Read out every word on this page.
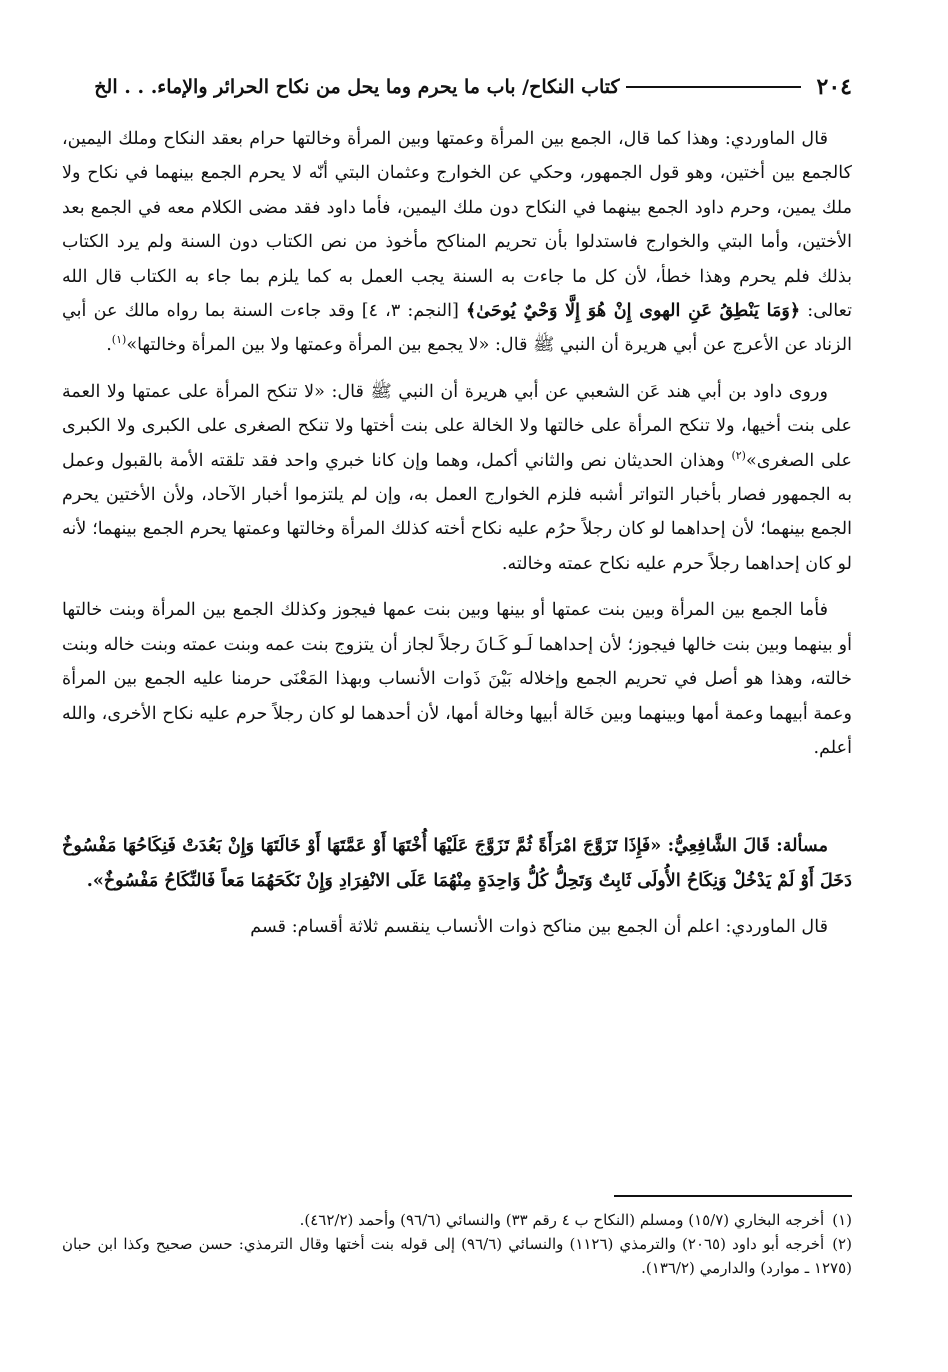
٢٠٤
كتاب النكاح/ باب ما يحرم وما يحل من نكاح الحرائر والإماء. . . الخ

قال الماوردي: وهذا كما قال، الجمع بين المرأة وعمتها وبين المرأة وخالتها حرام بعقد النكاح وملك اليمين، كالجمع بين أختين، وهو قول الجمهور، وحكي عن الخوارج وعثمان البتي أنّه لا يحرم الجمع بينهما في نكاح ولا ملك يمين، وحرم داود الجمع بينهما في النكاح دون ملك اليمين، فأما داود فقد مضى الكلام معه في الجمع بعد الأختين، وأما البتي والخوارج فاستدلوا بأن تحريم المناكح مأخوذ من نص الكتاب دون السنة ولم يرد الكتاب بذلك فلم يحرم وهذا خطأ، لأن كل ما جاءت به السنة يجب العمل به كما يلزم بما جاء به الكتاب قال الله تعالى: ﴿وَمَا يَنْطِقُ عَنِ الهوى إِنْ هُوَ إِلَّا وَحْيٌ يُوحَىٰ﴾ [النجم: ٣، ٤] وقد جاءت السنة بما رواه مالك عن أبي الزناد عن الأعرج عن أبي هريرة أن النبي ﷺ قال: «لا يجمع بين المرأة وعمتها ولا بين المرأة وخالتها»$^{(١)}$.

وروى داود بن أبي هند عَن الشعبي عن أبي هريرة أن النبي ﷺ قال: «لا تنكح المرأة على عمتها ولا العمة على بنت أخيها، ولا تنكح المرأة على خالتها ولا الخالة على بنت أختها ولا تنكح الصغرى على الكبرى ولا الكبرى على الصغرى»$^{(٢)}$ وهذان الحديثان نص والثاني أكمل، وهما وإن كانا خبري واحد فقد تلقته الأمة بالقبول وعمل به الجمهور فصار بأخبار التواتر أشبه فلزم الخوارج العمل به، وإن لم يلتزموا أخبار الآحاد، ولأن الأختين يحرم الجمع بينهما؛ لأن إحداهما لو كان رجلاً حرُم عليه نكاح أخته كذلك المرأة وخالتها وعمتها يحرم الجمع بينهما؛ لأنه لو كان إحداهما رجلاً حرم عليه نكاح عمته وخالته.

فأما الجمع بين المرأة وبين بنت عمتها أو بينها وبين بنت عمها فيجوز وكذلك الجمع بين المرأة وبنت خالتها أو بينهما وبين بنت خالها فيجوز؛ لأن إحداهما لَـو كَـانَ رجلاً لجاز أن يتزوج بنت عمه وبنت عمته وبنت خاله وبنت خالته، وهذا هو أصل في تحريم الجمع وإخلاله بَيْنَ ذَوات الأنساب وبهذا المَعْنَى حرمنا عليه الجمع بين المرأة وعمة أبيهما وعمة أمها وبينهما وبين خَالة أبيها وخالة أمها، لأن أحدهما لو كان رجلاً حرم عليه نكاح الأخرى، والله أعلم.

مسألة: قَالَ الشَّافِعِيُّ: «فَإِذَا تَزَوَّجَ امْرَأَةً ثُمَّ تَزَوَّجَ عَلَيْهَا أُخْتَهَا أَوْ عَمَّتَهَا أَوْ خَالَتَهَا وَإِنْ بَعُدَتْ فَنِكَاحُهَا مَفْسُوخٌ دَخَلَ أَوْ لَمْ يَدْخُلْ وَنِكَاحُ الأُولَى ثَابِتٌ وَتَحِلُّ كُلُّ وَاحِدَةٍ مِنْهُمَا عَلَى الانْفِرَادِ وَإِنْ نَكَحَهُمَا مَعاً فَالنِّكَاحُ مَفْسُوخٌ».

قال الماوردي: اعلم أن الجمع بين مناكح ذوات الأنساب ينقسم ثلاثة أقسام: قسم

(١)أخرجه البخاري (١٥/٧) ومسلم (النكاح ب ٤ رقم ٣٣) والنسائي (٩٦/٦) وأحمد (٤٦٢/٢).

(٢)أخرجه أبو داود (٢٠٦٥) والترمذي (١١٢٦) والنسائي (٩٦/٦) إلى قوله بنت أختها وقال الترمذي: حسن صحيح وكذا ابن حبان (١٢٧٥ ـ موارد) والدارمي (١٣٦/٢).
